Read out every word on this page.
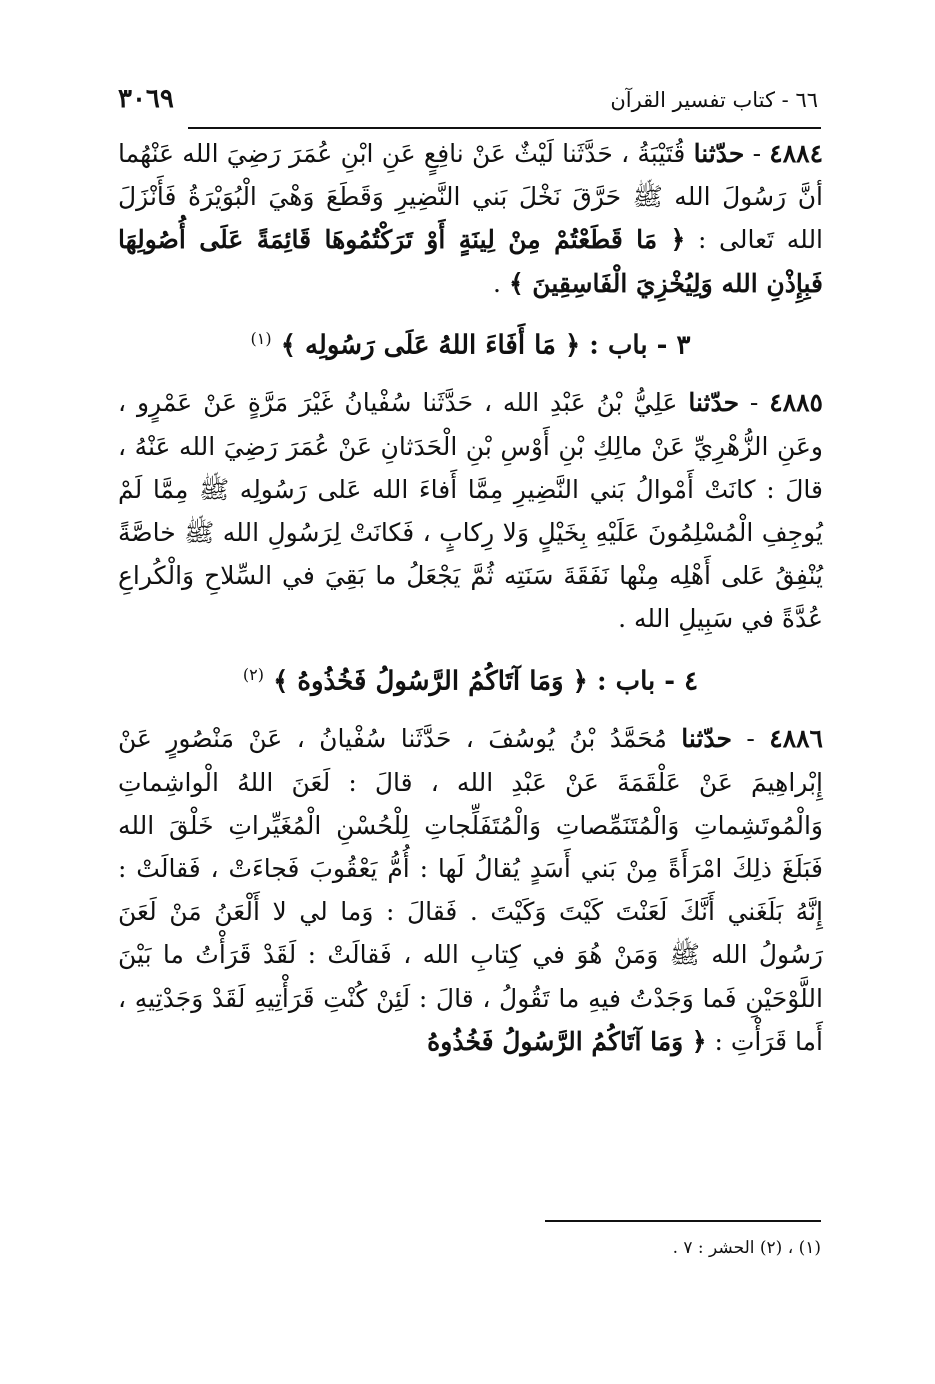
٦٦ - كتاب تفسير القرآن
٣٠٦٩

٤٨٨٤ - حدّثنا قُتَيْبَةُ ، حَدَّثَنا لَيْثٌ عَنْ نافِعٍ عَنِ ابْنِ عُمَرَ رَضِيَ الله عَنْهُما أنَّ رَسُولَ الله ﷺ حَرَّقَ نَخْلَ بَني النَّضِيرِ وَقَطَعَ وَهْيَ الْبُوَيْرَةُ فَأَنْزَلَ الله تَعالى : ﴿ مَا قَطَعْتُمْ مِنْ لِينَةٍ أَوْ تَرَكْتُمُوهَا قَائِمَةً عَلَى أُصُولِهَا فَبِإِذْنِ الله وَلِيُخْزِيَ الْفَاسِقِينَ ﴾ .

٣ - باب : ﴿ مَا أَفَاءَ اللهُ عَلَى رَسُولِه ﴾ $^{(١)}$

٤٨٨٥ - حدّثنا عَلِيُّ بْنُ عَبْدِ الله ، حَدَّثَنا سُفْيانُ غَيْرَ مَرَّةٍ عَنْ عَمْرٍو ، وعَنِ الزُّهْرِيِّ عَنْ مالِكِ بْنِ أَوْسِ بْنِ الْحَدَثانِ عَنْ عُمَرَ رَضِيَ الله عَنْهُ ، قالَ : كانَتْ أَمْوالُ بَني النَّضِيرِ مِمَّا أَفاءَ الله عَلى رَسُولِه ﷺ مِمَّا لَمْ يُوجِفِ الْمُسْلِمُونَ عَلَيْهِ بِخَيْلٍ وَلا رِكابٍ ، فَكانَتْ لِرَسُولِ الله ﷺ خاصَّةً يُنْفِقُ عَلى أَهْلِه مِنْها نَفَقَةَ سَنَتِه ثُمَّ يَجْعَلُ ما بَقِيَ في السِّلاحِ وَالْكُراعِ عُدَّةً في سَبِيلِ الله .

٤ - باب : ﴿ وَمَا آتَاكُمُ الرَّسُولُ فَخُذُوهُ ﴾ $^{(٢)}$

٤٨٨٦ - حدّثنا مُحَمَّدُ بْنُ يُوسُفَ ، حَدَّثَنا سُفْيانُ ، عَنْ مَنْصُورٍ عَنْ إِبْراهِيمَ عَنْ عَلْقَمَةَ عَنْ عَبْدِ الله ، قالَ : لَعَنَ اللهُ الْواشِماتِ وَالْمُوتَشِماتِ وَالْمُتَنَمِّصاتِ وَالْمُتَفَلِّجاتِ لِلْحُسْنِ الْمُغَيِّراتِ خَلْقَ الله فَبَلَغَ ذلِكَ امْرَأَةً مِنْ بَني أَسَدٍ يُقالُ لَها : أُمُّ يَعْقُوبَ فَجاءَتْ ، فَقالَتْ : إِنَّهُ بَلَغَني أَنَّكَ لَعَنْتَ كَيْتَ وَكَيْتَ . فَقالَ : وَما لي لا أَلْعَنُ مَنْ لَعَنَ رَسُولُ الله ﷺ وَمَنْ هُوَ في كِتابِ الله ، فَقالَتْ : لَقَدْ قَرَأْتُ ما بَيْنَ اللَّوْحَيْنِ فَما وَجَدْتُ فيهِ ما تَقُولُ ، قالَ : لَئِنْ كُنْتِ قَرَأْتِيهِ لَقَدْ وَجَدْتِيهِ ، أَما قَرَأْتِ : ﴿ وَمَا آتَاكُمُ الرَّسُولُ فَخُذُوهُ

(١) ، (٢) الحشر : ٧ .
